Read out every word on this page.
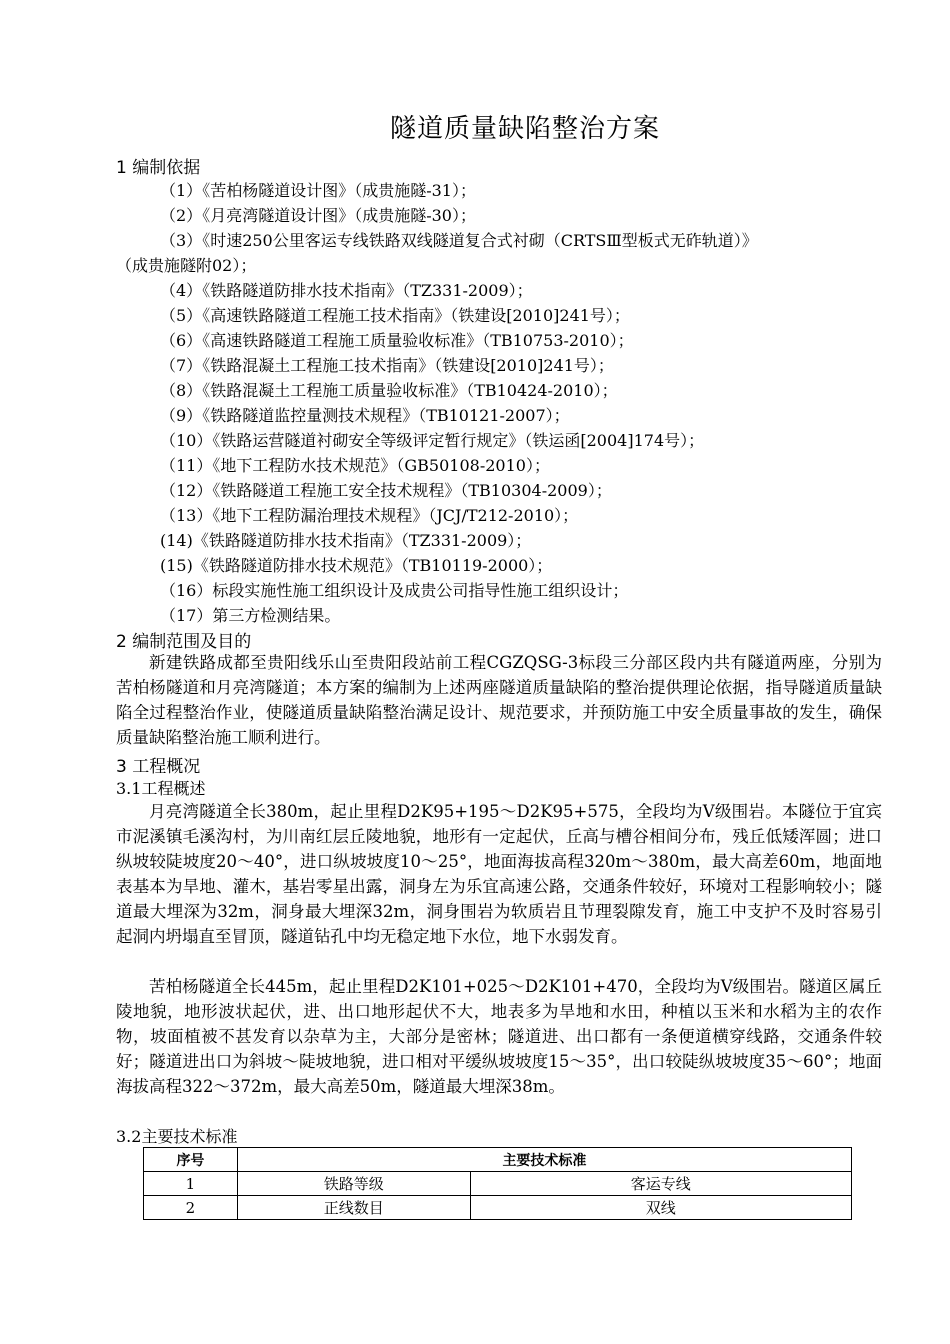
隧道质量缺陷整治方案
1 编制依据
（1）《苦柏杨隧道设计图》（成贵施隧-31）；
（2）《月亮湾隧道设计图》（成贵施隧-30）；
（3）《时速250公里客运专线铁路双线隧道复合式衬砌（CRTSⅢ型板式无砟轨道）》
（成贵施隧附02）；
（4）《铁路隧道防排水技术指南》（TZ331-2009）；
（5）《高速铁路隧道工程施工技术指南》（铁建设[2010]241号）；
（6）《高速铁路隧道工程施工质量验收标准》（TB10753-2010）；
（7）《铁路混凝土工程施工技术指南》（铁建设[2010]241号）；
（8）《铁路混凝土工程施工质量验收标准》（TB10424-2010）；
（9）《铁路隧道监控量测技术规程》（TB10121-2007）；
（10）《铁路运营隧道衬砌安全等级评定暂行规定》（铁运函[2004]174号）；
（11）《地下工程防水技术规范》（GB50108-2010）；
（12）《铁路隧道工程施工安全技术规程》（TB10304-2009）；
（13）《地下工程防漏治理技术规程》（JCJ/T212-2010）；
(14)《铁路隧道防排水技术指南》（TZ331-2009）；
(15)《铁路隧道防排水技术规范》（TB10119-2000）；
（16）标段实施性施工组织设计及成贵公司指导性施工组织设计；
（17）第三方检测结果。
2 编制范围及目的

新建铁路成都至贵阳线乐山至贵阳段站前工程CGZQSG-3标段三分部区段内共有隧道两座，分别为苦柏杨隧道和月亮湾隧道；本方案的编制为上述两座隧道质量缺陷的整治提供理论依据，指导隧道质量缺陷全过程整治作业，使隧道质量缺陷整治满足设计、规范要求，并预防施工中安全质量事故的发生，确保质量缺陷整治施工顺利进行。

3 工程概况
3.1工程概述

月亮湾隧道全长380m，起止里程D2K95+195～D2K95+575，全段均为Ⅴ级围岩。本隧位于宜宾市泥溪镇毛溪沟村，为川南红层丘陵地貌，地形有一定起伏，丘高与槽谷相间分布，残丘低矮浑圆；进口纵坡较陡坡度20～40°，进口纵坡坡度10～25°，地面海拔高程320m～380m，最大高差60m，地面地表基本为旱地、灌木，基岩零星出露，洞身左为乐宜高速公路，交通条件较好，环境对工程影响较小；隧道最大埋深为32m，洞身最大埋深32m，洞身围岩为软质岩且节理裂隙发育，施工中支护不及时容易引起洞内坍塌直至冒顶，隧道钻孔中均无稳定地下水位，地下水弱发育。

苦柏杨隧道全长445m，起止里程D2K101+025～D2K101+470，全段均为Ⅴ级围岩。隧道区属丘陵地貌，地形波状起伏，进、出口地形起伏不大，地表多为旱地和水田，种植以玉米和水稻为主的农作物，坡面植被不甚发育以杂草为主，大部分是密林；隧道进、出口都有一条便道横穿线路，交通条件较好；隧道进出口为斜坡～陡坡地貌，进口相对平缓纵坡坡度15～35°，出口较陡纵坡坡度35～60°；地面海拔高程322～372m，最大高差50m，隧道最大埋深38m。

3.2主要技术标准
序号	主要技术标准	
1	铁路等级	客运专线
2	正线数目	双线
